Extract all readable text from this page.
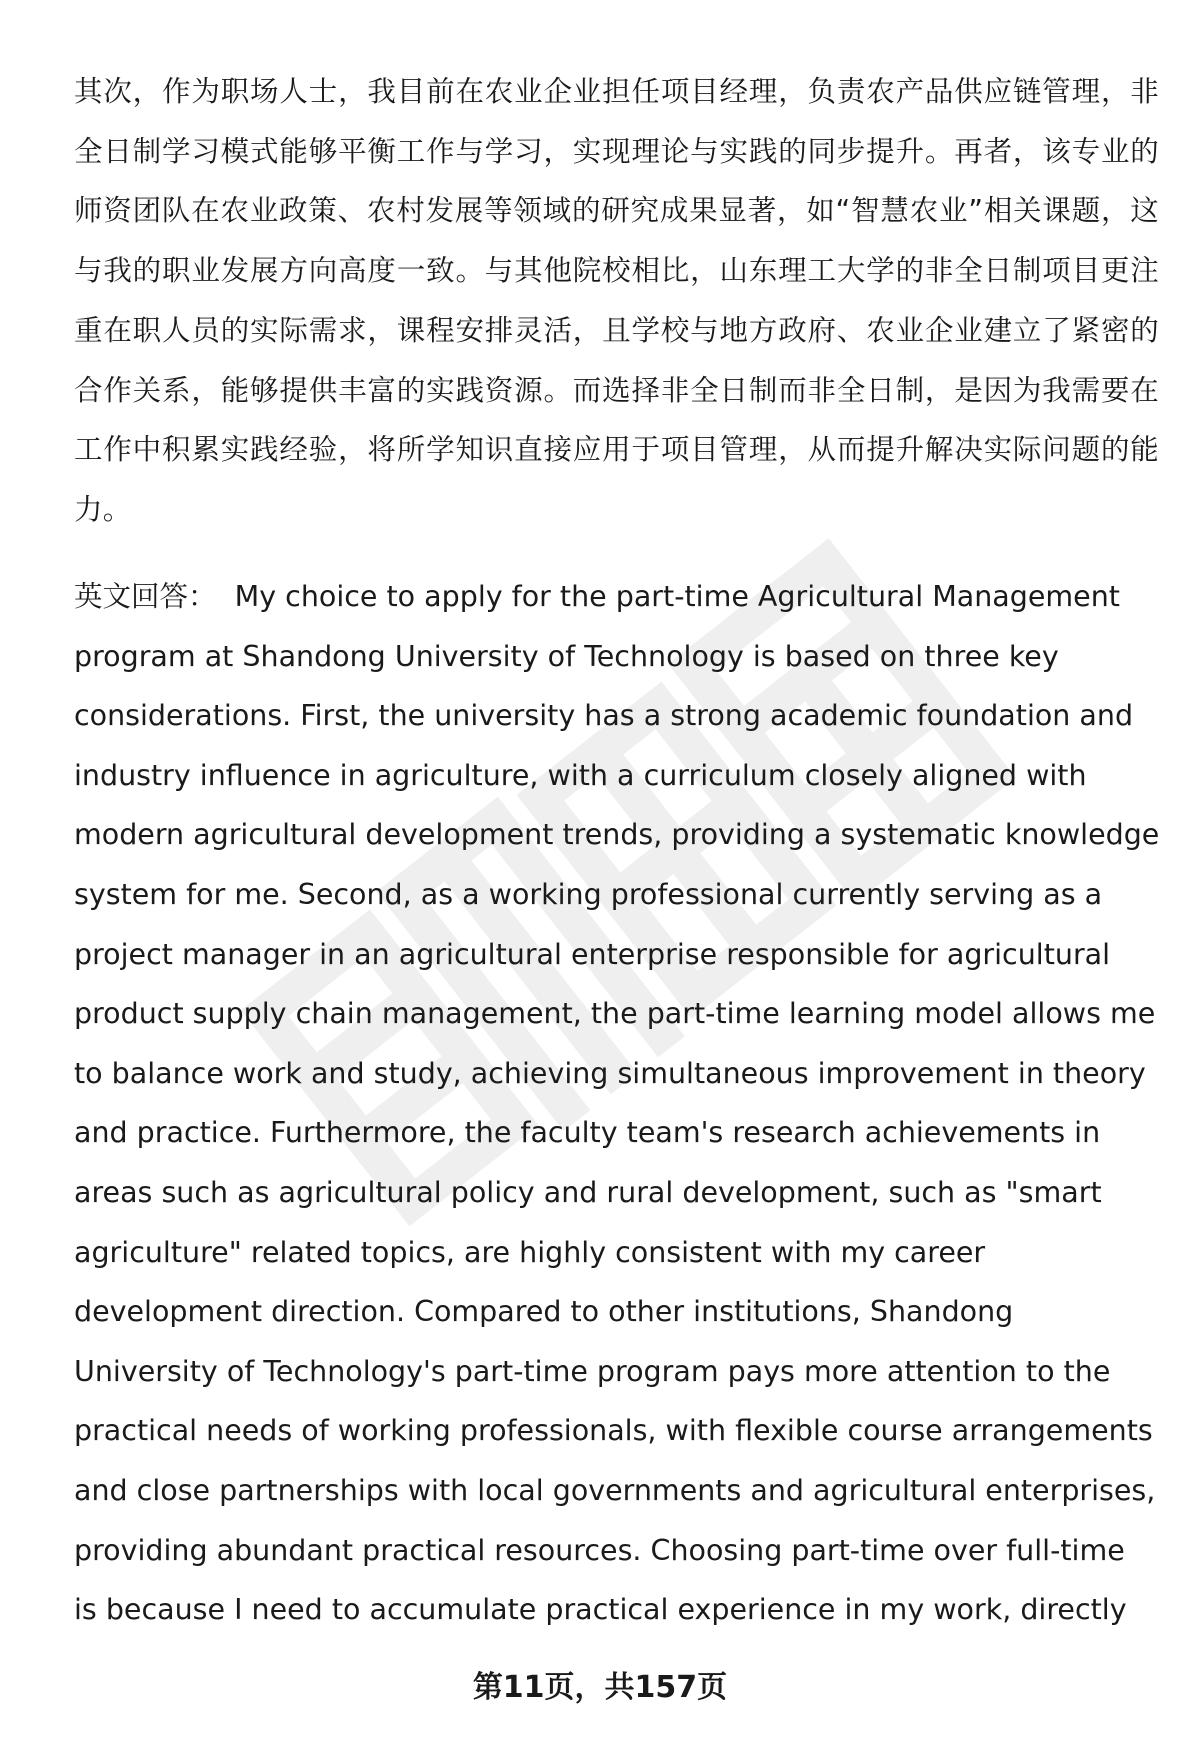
其次，作为职场人士，我目前在农业企业担任项目经理，负责农产品供应链管理，非全日制学习模式能够平衡工作与学习，实现理论与实践的同步提升。再者，该专业的师资团队在农业政策、农村发展等领域的研究成果显著，如“智慧农业”相关课题，这与我的职业发展方向高度一致。与其他院校相比，山东理工大学的非全日制项目更注重在职人员的实际需求，课程安排灵活，且学校与地方政府、农业企业建立了紧密的合作关系，能够提供丰富的实践资源。而选择非全日制而非全日制，是因为我需要在工作中积累实践经验，将所学知识直接应用于项目管理，从而提升解决实际问题的能力。

英文回答： My choice to apply for the part-time Agricultural Management
program at Shandong University of Technology is based on three key
considerations. First, the university has a strong academic foundation and
industry influence in agriculture, with a curriculum closely aligned with
modern agricultural development trends, providing a systematic knowledge
system for me. Second, as a working professional currently serving as a
project manager in an agricultural enterprise responsible for agricultural
product supply chain management, the part-time learning model allows me
to balance work and study, achieving simultaneous improvement in theory
and practice. Furthermore, the faculty team's research achievements in
areas such as agricultural policy and rural development, such as "smart
agriculture" related topics, are highly consistent with my career
development direction. Compared to other institutions, Shandong
University of Technology's part-time program pays more attention to the
practical needs of working professionals, with flexible course arrangements
and close partnerships with local governments and agricultural enterprises,
providing abundant practical resources. Choosing part-time over full-time
is because I need to accumulate practical experience in my work, directly
第11页，共157页
